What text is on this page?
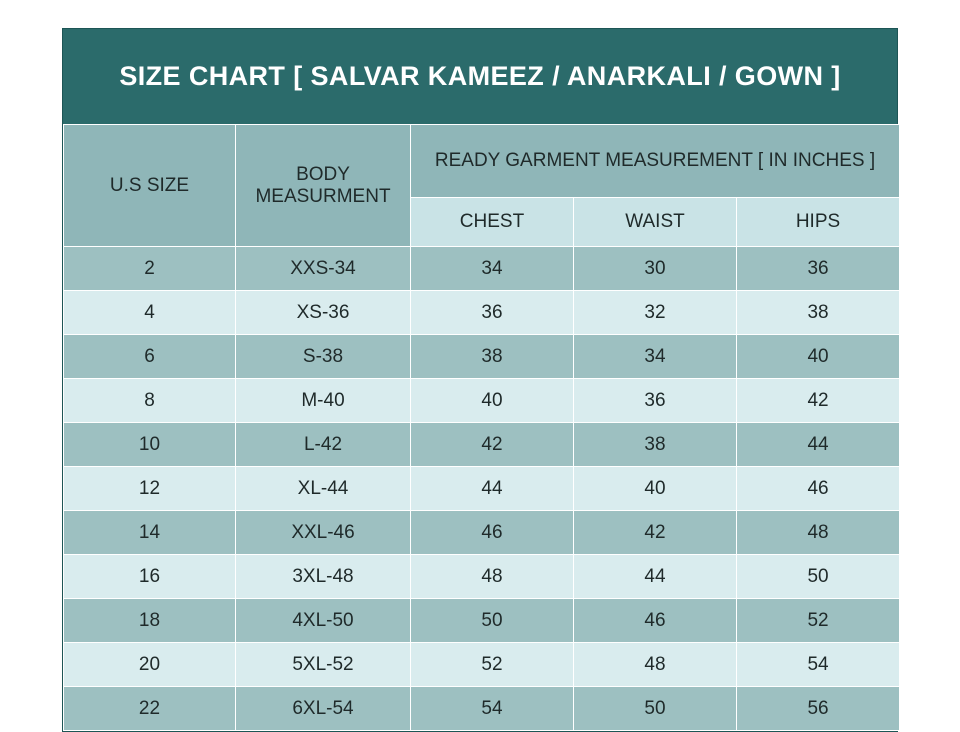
SIZE CHART [ SALVAR KAMEEZ / ANARKALI / GOWN ]
U.S SIZE	BODY MEASURMENT	READY GARMENT MEASUREMENT [ IN INCHES ]		
		CHEST	WAIST	HIPS
2	XXS-34	34	30	36
4	XS-36	36	32	38
6	S-38	38	34	40
8	M-40	40	36	42
10	L-42	42	38	44
12	XL-44	44	40	46
14	XXL-46	46	42	48
16	3XL-48	48	44	50
18	4XL-50	50	46	52
20	5XL-52	52	48	54
22	6XL-54	54	50	56
